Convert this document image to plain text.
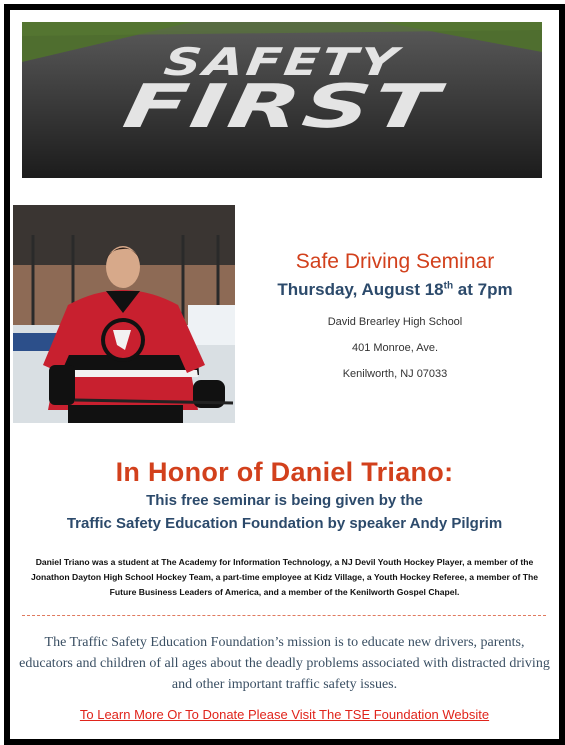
SAFETY
FIRST
Safe Driving Seminar
Thursday, August 18th at 7pm
David Brearley High School
401 Monroe, Ave.
Kenilworth, NJ 07033
In Honor of Daniel Triano:
This free seminar is being given by the
Traffic Safety Education Foundation by speaker Andy Pilgrim
Daniel Triano was a student at The Academy for Information Technology, a NJ Devil Youth Hockey Player, a member of the Jonathon Dayton High School Hockey Team, a part-time employee at Kidz Village, a Youth Hockey Referee, a member of The Future Business Leaders of America, and a member of the Kenilworth Gospel Chapel.
The Traffic Safety Education Foundation’s mission is to educate new drivers, parents, educators and children of all ages about the deadly problems associated with distracted driving and other important traffic safety issues.
To Learn More Or To Donate Please Visit The TSE Foundation Website
